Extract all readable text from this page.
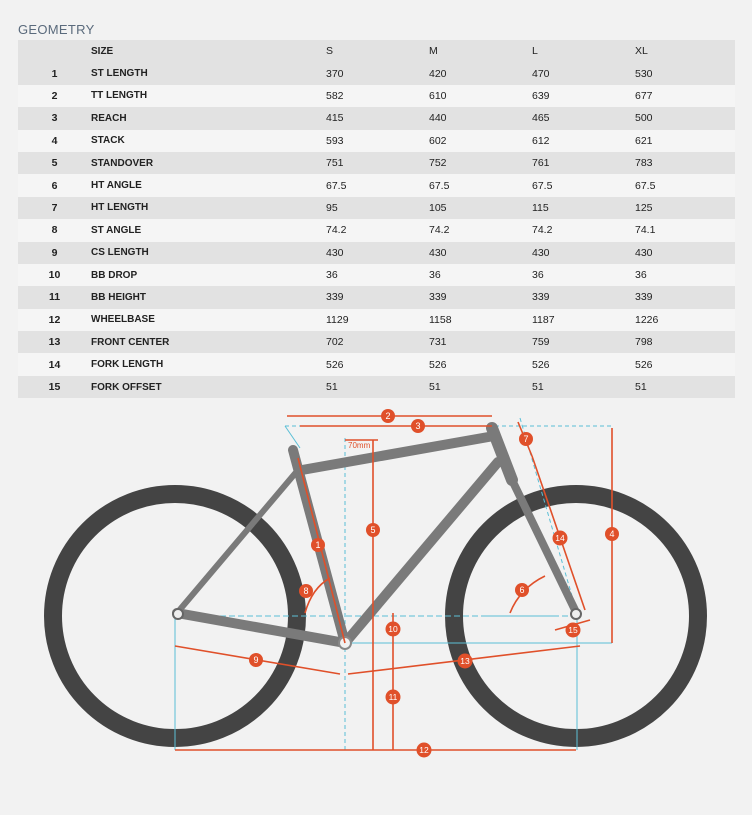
GEOMETRY
	SIZE	S	M	L	XL
1	ST LENGTH	370	420	470	530
2	TT LENGTH	582	610	639	677
3	REACH	415	440	465	500
4	STACK	593	602	612	621
5	STANDOVER	751	752	761	783
6	HT ANGLE	67.5	67.5	67.5	67.5
7	HT LENGTH	95	105	115	125
8	ST ANGLE	74.2	74.2	74.2	74.1
9	CS LENGTH	430	430	430	430
10	BB DROP	36	36	36	36
11	BB HEIGHT	339	339	339	339
12	WHEELBASE	1129	1158	1187	1226
13	FRONT CENTER	702	731	759	798
14	FORK LENGTH	526	526	526	526
15	FORK OFFSET	51	51	51	51
70mm
1
2
3
4
5
6
7
8
9
10
11
12
13
14
15
